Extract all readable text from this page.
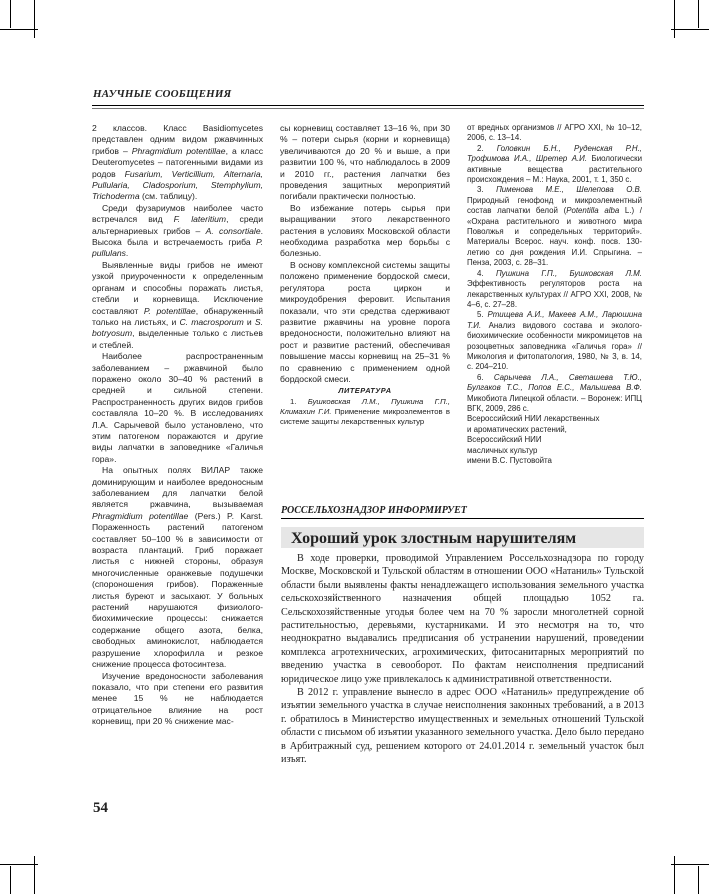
НАУЧНЫЕ СООБЩЕНИЯ

2 классов. Класс Basidiomycetes представлен одним видом ржавчинных грибов – Phragmidium potentillae, а класс Deuteromycetes – патогенными видами из родов Fusarium, Verticillium, Alternaria, Pullularia, Cladosporium, Stemphylium, Trichoderma (см. таблицу).

Среди фузариумов наиболее часто встречался вид F. lateritium, среди альтернариевых грибов – A. consortiale. Высока была и встречаемость гриба P. pullulans.

Выявленные виды грибов не имеют узкой приуроченности к определенным органам и способны поражать листья, стебли и корневища. Исключение составляют P. potentillae, обнаруженный только на листьях, и C. macrosporum и S. botryosum, выделенные только с листьев и стеблей.

Наиболее распространенным заболеванием – ржавчиной было поражено около 30–40 % растений в средней и сильной степени. Распространенность других видов грибов составляла 10–20 %. В исследованиях Л.А. Сарычевой было установлено, что этим патогеном поражаются и другие виды лапчатки в заповеднике «Галичья гора».

На опытных полях ВИЛАР также доминирующим и наиболее вредоносным заболеванием для лапчатки белой является ржавчина, вызываемая Phragmidium potentillae (Pers.) P. Karst. Пораженность растений патогеном составляет 50–100 % в зависимости от возраста плантаций. Гриб поражает листья с нижней стороны, образуя многочисленные оранжевые подушечки (спороношения грибов). Пораженные листья буреют и засыхают. У больных растений нарушаются физиолого-биохимические процессы: снижается содержание общего азота, белка, свободных аминокислот, наблюдается разрушение хлорофилла и резкое снижение процесса фотосинтеза.

Изучение вредоносности заболевания показало, что при степени его развития менее 15 % не наблюдается отрицательное влияние на рост корневищ, при 20 % снижение мас-

сы корневищ составляет 13–16 %, при 30 % – потери сырья (корни и корневища) увеличиваются до 20 % и выше, а при развитии 100 %, что наблюдалось в 2009 и 2010 гг., растения лапчатки без проведения защитных мероприятий погибали практически полностью.

Во избежание потерь сырья при выращивании этого лекарственного растения в условиях Московской области необходима разработка мер борьбы с болезнью.

В основу комплексной системы защиты положено применение бордоской смеси, регулятора роста циркон и микроудобрения феровит. Испытания показали, что эти средства сдерживают развитие ржавчины на уровне порога вредоносности, положительно влияют на рост и развитие растений, обеспечивая повышение массы корневищ на 25–31 % по сравнению с применением одной бордоской смеси.

ЛИТЕРАТУРА

1. Бушковская Л.М., Пушкина Г.П., Климахин Г.И. Применение микроэлементов в системе защиты лекарственных культур

от вредных организмов // АГРО XXI, № 10–12, 2006, с. 13–14.

2. Головкин Б.Н., Руденская Р.Н., Трофимова И.А., Шретер А.И. Биологически активные вещества растительного происхождения – М.: Наука, 2001, т. 1, 350 с.

3. Пименова М.Е., Шелепова О.В. Природный генофонд и микроэлементный состав лапчатки белой (Potentilla alba L.) / «Охрана растительного и животного мира Поволжья и сопредельных территорий». Материалы Всерос. науч. конф. посв. 130-летию со дня рождения И.И. Спрыгина. – Пенза, 2003, с. 28–31.

4. Пушкина Г.П., Бушковская Л.М. Эффективность регуляторов роста на лекарственных культурах // АГРО XXI, 2008, № 4–6, с. 27–28.

5. Ртищева А.И., Макеев А.М., Ларюшина Т.И. Анализ видового состава и эколого-биохимические особенности микромицетов на розоцветных заповедника «Галичья гора» // Микология и фитопатология, 1980, № 3, в. 14, с. 204–210.

6. Сарычева Л.А., Светашева Т.Ю., Булгаков Т.С., Попов Е.С., Малышева В.Ф. Микобиота Липецкой области. – Воронеж: ИПЦ ВГК, 2009, 286 с.

Всероссийский НИИ лекарственных
и ароматических растений,
Всероссийский НИИ
масличных культур
имени В.С. Пустовойта

РОССЕЛЬХОЗНАДЗОР ИНФОРМИРУЕТ
Хороший урок злостным нарушителям

В ходе проверки, проводимой Управлением Россельхознадзора по городу Москве, Московской и Тульской областям в отношении ООО «Натаниль» Тульской области были выявлены факты ненадлежащего использования земельного участка сельскохозяйственного назначения общей площадью 1052 га. Сельскохозяйственные угодья более чем на 70 % заросли многолетней сорной растительностью, деревьями, кустарниками. И это несмотря на то, что неоднократно выдавались предписания об устранении нарушений, проведении комплекса агротехнических, агрохимических, фитосанитарных мероприятий по введению участка в севооборот. По фактам неисполнения предписаний юридическое лицо уже привлекалось к административной ответственности.

В 2012 г. управление вынесло в адрес ООО «Натаниль» предупреждение об изъятии земельного участка в случае неисполнения законных требований, а в 2013 г. обратилось в Министерство имущественных и земельных отношений Тульской области с письмом об изъятии указанного земельного участка. Дело было передано в Арбитражный суд, решением которого от 24.01.2014 г. земельный участок был изъят.

54
